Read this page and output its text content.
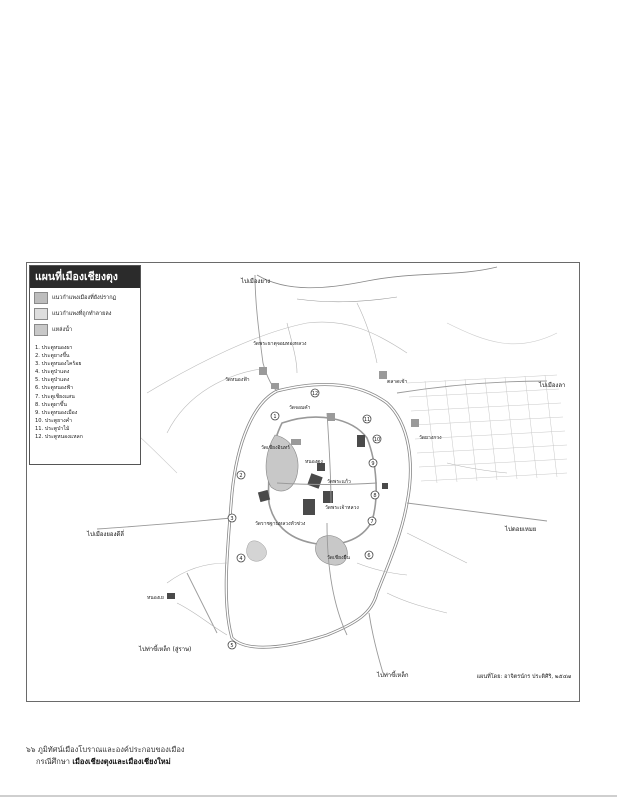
1
2
3
4
5
6
7
8
9
10
11
12
ไปเมืองยาง
ไปเมืองลา
ไปดอยเหมย
ไปเมืองยองดีลี่
ไปท่าขี้เหล็ก (สู่ราษ)
ไปท่าขี้เหล็ก
วัดพระธาตุจอมทองหลวง
วัดหนองฟ้า
วัดจอมคำ
วัดเชียงอินทร์
หนองตุง
วัดพระแก้ว
วัดราชฐานหลวงหัวข่วง
วัดพระเจ้าหลวง
วัดเชียงยืน
ตลาดเช้า
วัดยางกวง
หนองเย
แผนที่เมืองเชียงตุง
แนวกำแพงเมืองที่ยังปรากฏ
แนวกำแพงที่ถูกทำลายลง
แหล่งน้ำ
1. ประตูหนองผา
2. ประตูยางขึ้น
3. ประตูหนองไคร้อย
4. ประตูป่าแดง
5. ประตูป่าแดง
6. ประตูหนองฟ้า
7. ประตูเชียงแสน
8. ประตูผาขึ้น
9. ประตูหนองเมือง
10. ประตูยางคำ
11. ประตูป่าไม้
12. ประตูหนองแหลก
แผนที่โดย: อาจิตรน์กร ประติศิริ, ๒๕๔๗
๖๖ ภูมิทัศน์เมืองโบราณและองค์ประกอบของเมือง
กรณีศึกษา เมืองเชียงตุงและเมืองเชียงใหม่
